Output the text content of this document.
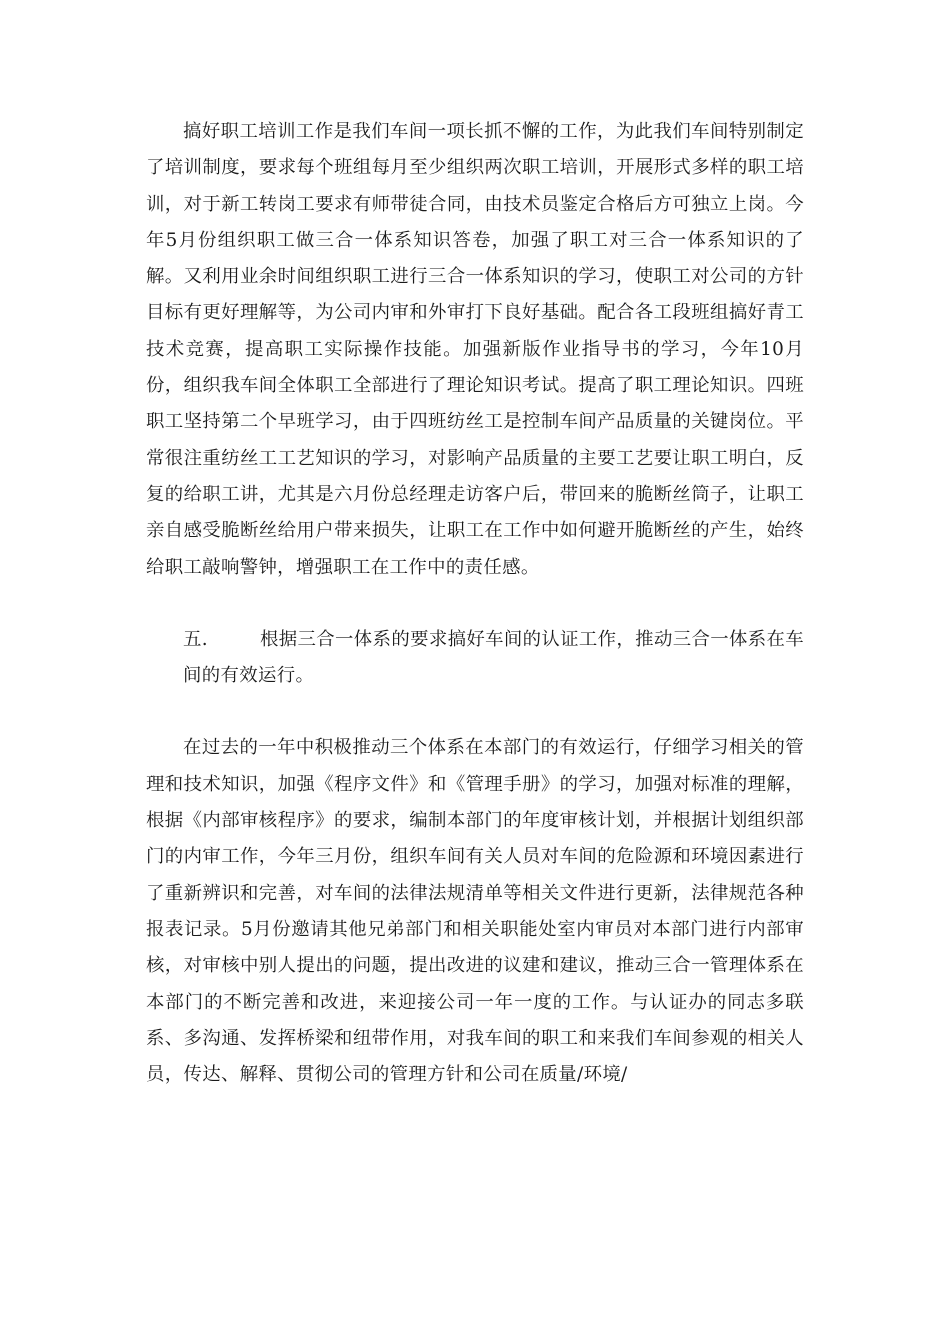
搞好职工培训工作是我们车间一项长抓不懈的工作，为此我们车间特别制定了培训制度，要求每个班组每月至少组织两次职工培训，开展形式多样的职工培训，对于新工转岗工要求有师带徒合同，由技术员鉴定合格后方可独立上岗。今年5月份组织职工做三合一体系知识答卷，加强了职工对三合一体系知识的了解。又利用业余时间组织职工进行三合一体系知识的学习，使职工对公司的方针目标有更好理解等，为公司内审和外审打下良好基础。配合各工段班组搞好青工技术竞赛，提高职工实际操作技能。加强新版作业指导书的学习，今年10月份，组织我车间全体职工全部进行了理论知识考试。提高了职工理论知识。四班职工坚持第二个早班学习，由于四班纺丝工是控制车间产品质量的关键岗位。平常很注重纺丝工工艺知识的学习，对影响产品质量的主要工艺要让职工明白，反复的给职工讲，尤其是六月份总经理走访客户后，带回来的脆断丝筒子，让职工亲自感受脆断丝给用户带来损失，让职工在工作中如何避开脆断丝的产生，始终给职工敲响警钟，增强职工在工作中的责任感。

五.	根据三合一体系的要求搞好车间的认证工作，推动三合一体系在车间的有效运行。

在过去的一年中积极推动三个体系在本部门的有效运行，仔细学习相关的管理和技术知识，加强《程序文件》和《管理手册》的学习，加强对标准的理解，根据《内部审核程序》的要求，编制本部门的年度审核计划，并根据计划组织部门的内审工作，今年三月份，组织车间有关人员对车间的危险源和环境因素进行了重新辨识和完善，对车间的法律法规清单等相关文件进行更新，法律规范各种报表记录。5月份邀请其他兄弟部门和相关职能处室内审员对本部门进行内部审核，对审核中别人提出的问题，提出改进的议建和建议，推动三合一管理体系在本部门的不断完善和改进，来迎接公司一年一度的工作。与认证办的同志多联系、多沟通、发挥桥梁和纽带作用，对我车间的职工和来我们车间参观的相关人员，传达、解释、贯彻公司的管理方针和公司在质量/环境/
